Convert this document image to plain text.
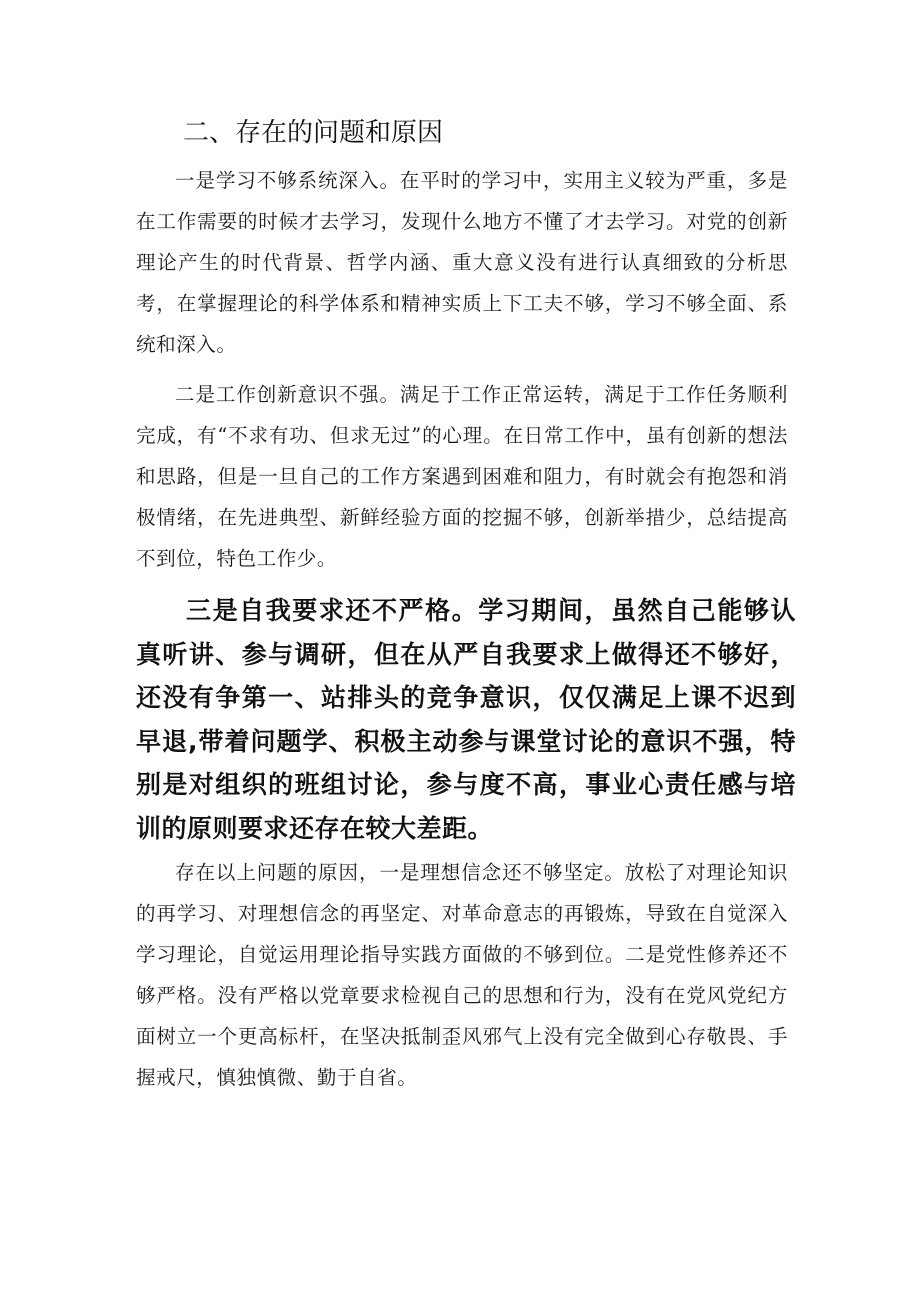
二、存在的问题和原因

一是学习不够系统深入。在平时的学习中，实用主义较为严重，多是在工作需要的时候才去学习，发现什么地方不懂了才去学习。对党的创新理论产生的时代背景、哲学内涵、重大意义没有进行认真细致的分析思考，在掌握理论的科学体系和精神实质上下工夫不够，学习不够全面、系统和深入。

二是工作创新意识不强。满足于工作正常运转，满足于工作任务顺利完成，有“不求有功、但求无过”的心理。在日常工作中，虽有创新的想法和思路，但是一旦自己的工作方案遇到困难和阻力，有时就会有抱怨和消极情绪，在先进典型、新鲜经验方面的挖掘不够，创新举措少，总结提高不到位，特色工作少。

三是自我要求还不严格。学习期间，虽然自己能够认真听讲、参与调研，但在从严自我要求上做得还不够好，还没有争第一、站排头的竞争意识，仅仅满足上课不迟到早退,带着问题学、积极主动参与课堂讨论的意识不强，特别是对组织的班组讨论，参与度不高，事业心责任感与培训的原则要求还存在较大差距。

存在以上问题的原因，一是理想信念还不够坚定。放松了对理论知识的再学习、对理想信念的再坚定、对革命意志的再锻炼，导致在自觉深入学习理论，自觉运用理论指导实践方面做的不够到位。二是党性修养还不够严格。没有严格以党章要求检视自己的思想和行为，没有在党风党纪方面树立一个更高标杆，在坚决抵制歪风邪气上没有完全做到心存敬畏、手握戒尺，慎独慎微、勤于自省。
